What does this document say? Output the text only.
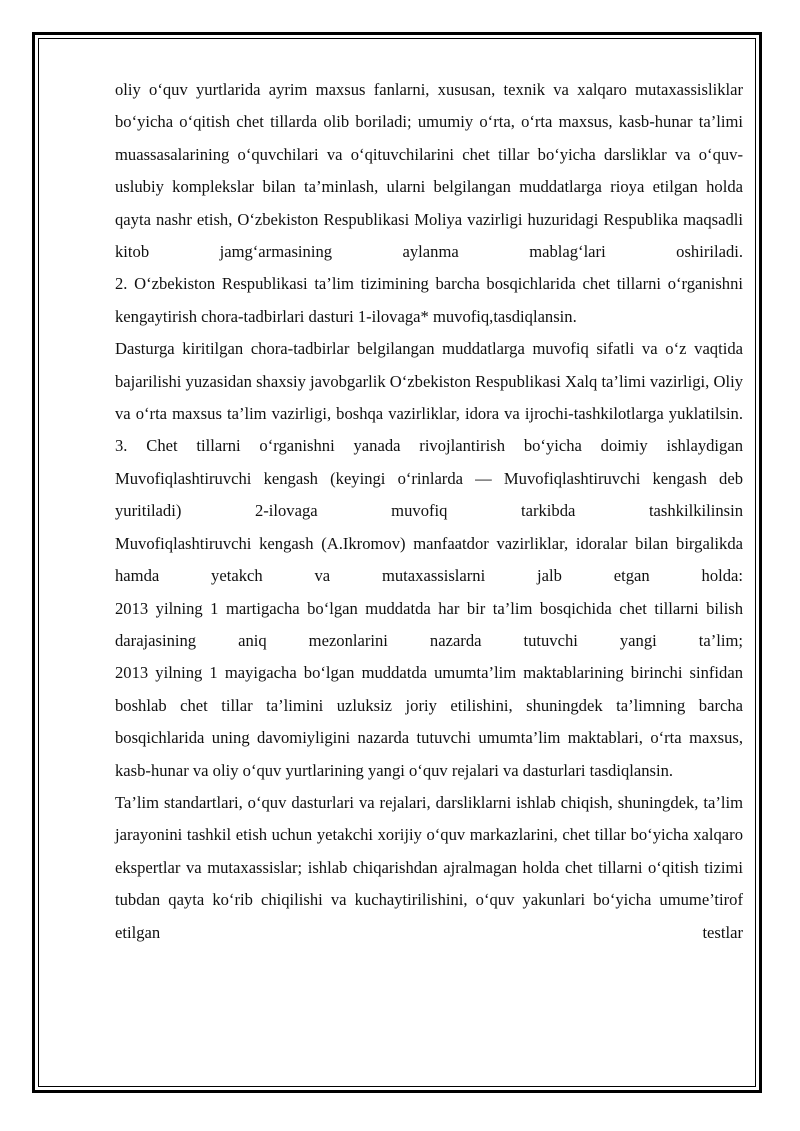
oliy o‘quv yurtlarida ayrim maxsus fanlarni, xususan, texnik va xalqaro mutaxassisliklar bo‘yicha o‘qitish chet tillarda olib boriladi; umumiy o‘rta, o‘rta maxsus, kasb-hunar ta’limi muassasalarining o‘quvchilari va o‘qituvchilarini chet tillar bo‘yicha darsliklar va o‘quv-uslubiy komplekslar bilan ta’minlash, ularni belgilangan muddatlarga rioya etilgan holda qayta nashr etish, O‘zbekiston Respublikasi Moliya vazirligi huzuridagi Respublika maqsadli kitob jamg‘armasining aylanma mablag‘lari oshiriladi.

2. O‘zbekiston Respublikasi ta’lim tizimining barcha bosqichlarida chet tillarni o‘rganishni kengaytirish chora-tadbirlari dasturi 1-ilovaga* muvofiq,tasdiqlansin.

Dasturga kiritilgan chora-tadbirlar belgilangan muddatlarga muvofiq sifatli va o‘z vaqtida bajarilishi yuzasidan shaxsiy javobgarlik O‘zbekiston Respublikasi Xalq ta’limi vazirligi, Oliy va o‘rta maxsus ta’lim vazirligi, boshqa vazirliklar, idora va ijrochi-tashkilotlarga yuklatilsin.

3. Chet tillarni o‘rganishni yanada rivojlantirish bo‘yicha doimiy ishlaydigan Muvofiqlashtiruvchi kengash (keyingi o‘rinlarda — Muvofiqlashtiruvchi kengash deb yuritiladi) 2-ilovaga muvofiq tarkibda tashkilkilinsin

Muvofiqlashtiruvchi kengash (A.Ikromov) manfaatdor vazirliklar, idoralar bilan birgalikda hamda yetakch va mutaxassislarni jalb etgan holda:

2013 yilning 1 martigacha bo‘lgan muddatda har bir ta’lim bosqichida chet tillarni bilish darajasining aniq mezonlarini nazarda tutuvchi yangi ta’lim;

2013 yilning 1 mayigacha bo‘lgan muddatda umumta’lim maktablarining birinchi sinfidan boshlab chet tillar ta’limini uzluksiz joriy etilishini, shuningdek ta’limning barcha bosqichlarida uning davomiyligini nazarda tutuvchi umumta’lim maktablari, o‘rta maxsus, kasb-hunar va oliy o‘quv yurtlarining yangi o‘quv rejalari va dasturlari tasdiqlansin.

Ta’lim standartlari, o‘quv dasturlari va rejalari, darsliklarni ishlab chiqish, shuningdek, ta’lim jarayonini tashkil etish uchun yetakchi xorijiy o‘quv markazlarini, chet tillar bo‘yicha xalqaro ekspertlar va mutaxassislar; ishlab chiqarishdan ajralmagan holda chet tillarni o‘qitish tizimi tubdan qayta ko‘rib chiqilishi va kuchaytirilishini, o‘quv yakunlari bo‘yicha umume’tirof etilgan testlar
